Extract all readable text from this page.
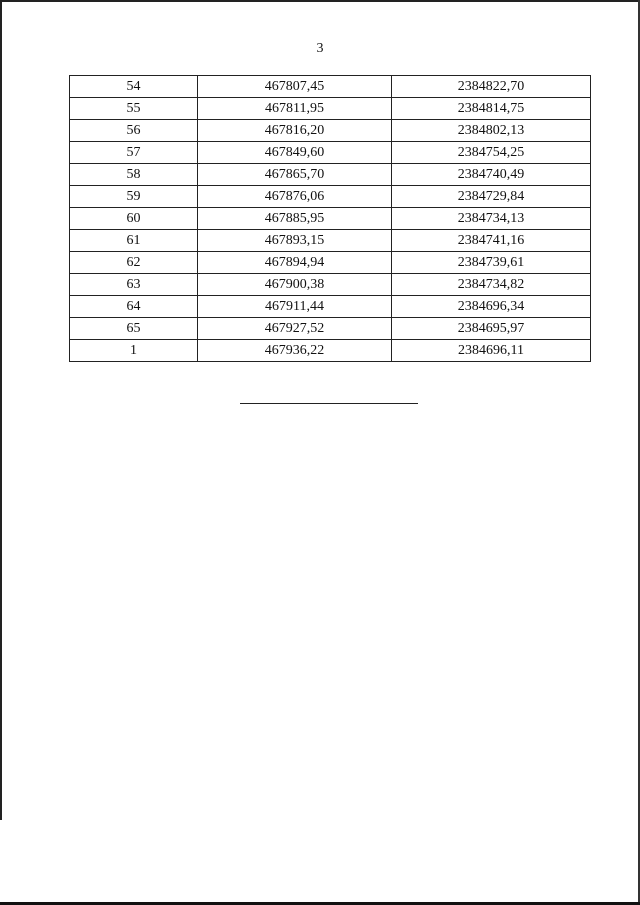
3
54	467807,45	2384822,70
55	467811,95	2384814,75
56	467816,20	2384802,13
57	467849,60	2384754,25
58	467865,70	2384740,49
59	467876,06	2384729,84
60	467885,95	2384734,13
61	467893,15	2384741,16
62	467894,94	2384739,61
63	467900,38	2384734,82
64	467911,44	2384696,34
65	467927,52	2384695,97
1	467936,22	2384696,11
